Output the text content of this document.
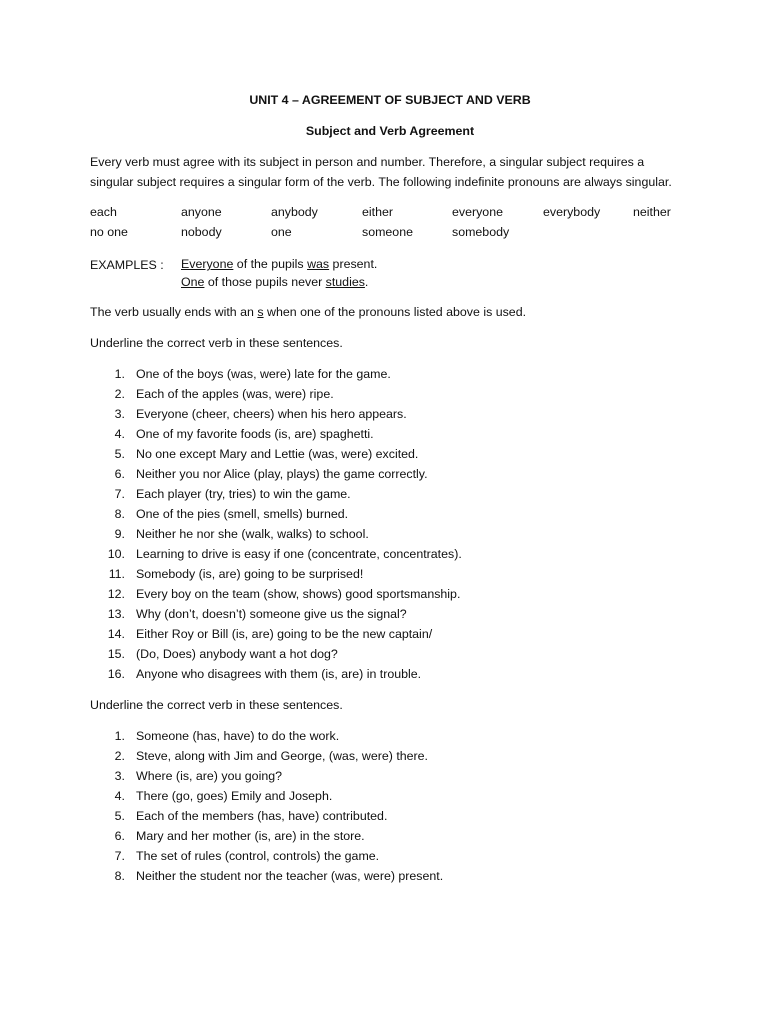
UNIT 4 – AGREEMENT OF SUBJECT AND VERB

Subject and Verb Agreement

Every verb must agree with its subject in person and number. Therefore, a singular subject requires a singular subject requires a singular form of the verb. The following indefinite pronouns are always singular.

each	anyone	anybody	either	everyone	everybody	neither
no one	nobody	one	someone	somebody		
EXAMPLES : Everyone of the pupils was present.
One of those pupils never studies.

The verb usually ends with an s when one of the pronouns listed above is used.

Underline the correct verb in these sentences.

1. One of the boys (was, were) late for the game.
2. Each of the apples (was, were) ripe.
3. Everyone (cheer, cheers) when his hero appears.
4. One of my favorite foods (is, are) spaghetti.
5. No one except Mary and Lettie (was, were) excited.
6. Neither you nor Alice (play, plays) the game correctly.
7. Each player (try, tries) to win the game.
8. One of the pies (smell, smells) burned.
9. Neither he nor she (walk, walks) to school.
10. Learning to drive is easy if one (concentrate, concentrates).
11. Somebody (is, are) going to be surprised!
12. Every boy on the team (show, shows) good sportsmanship.
13. Why (don’t, doesn’t) someone give us the signal?
14. Either Roy or Bill (is, are) going to be the new captain/
15. (Do, Does) anybody want a hot dog?
16. Anyone who disagrees with them (is, are) in trouble.

Underline the correct verb in these sentences.

1. Someone (has, have) to do the work.
2. Steve, along with Jim and George, (was, were) there.
3. Where (is, are) you going?
4. There (go, goes) Emily and Joseph.
5. Each of the members (has, have) contributed.
6. Mary and her mother (is, are) in the store.
7. The set of rules (control, controls) the game.
8. Neither the student nor the teacher (was, were) present.
